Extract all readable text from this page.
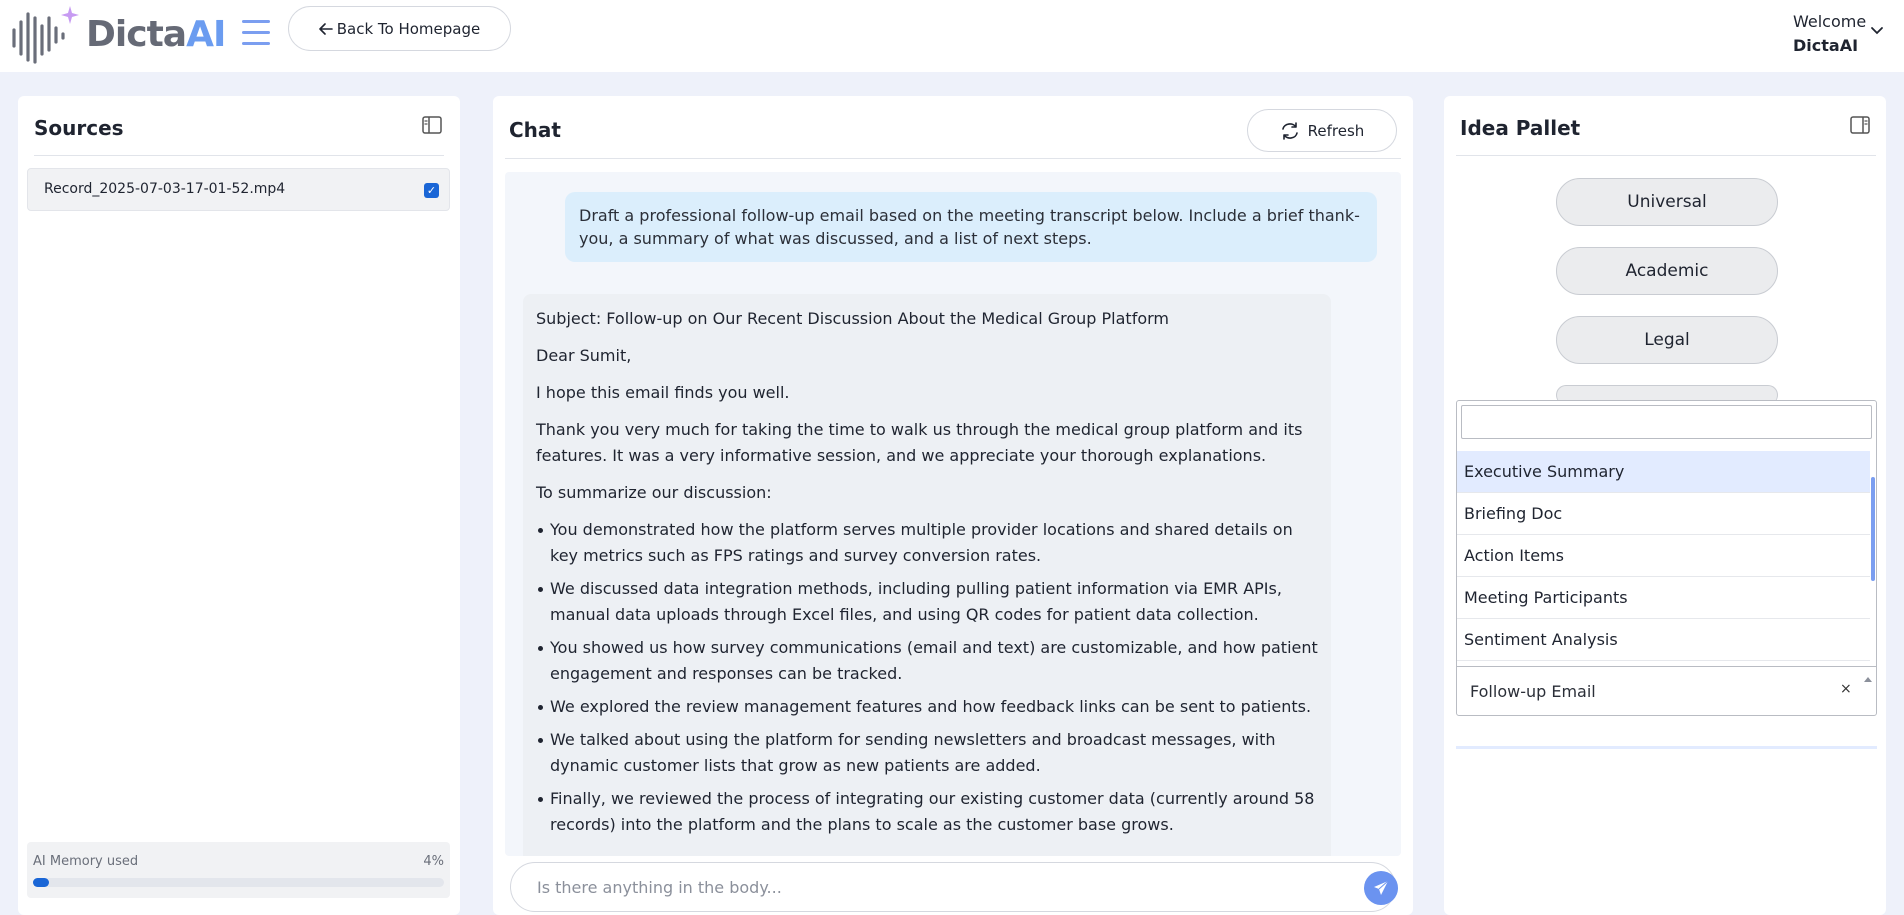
DictaAI	Back To Homepage	Welcome
DictaAI
Sources
Record_2025-07-03-17-01-52.mp4	✓
AI Memory used	4%
Chat	Refresh
Draft a professional follow-up email based on the meeting transcript below. Include a brief thank-you, a summary of what was discussed, and a list of next steps.

Subject: Follow-up on Our Recent Discussion About the Medical Group Platform

Dear Sumit,

I hope this email finds you well.

Thank you very much for taking the time to walk us through the medical group platform and its features. It was a very informative session, and we appreciate your thorough explanations.

To summarize our discussion:

You demonstrated how the platform serves multiple provider locations and shared details on key metrics such as FPS ratings and survey conversion rates.
We discussed data integration methods, including pulling patient information via EMR APIs, manual data uploads through Excel files, and using QR codes for patient data collection.
You showed us how survey communications (email and text) are customizable, and how patient engagement and responses can be tracked.
We explored the review management features and how feedback links can be sent to patients.
We talked about using the platform for sending newsletters and broadcast messages, with dynamic customer lists that grow as new patients are added.
Finally, we reviewed the process of integrating our existing customer data (currently around 58 records) into the platform and the plans to scale as the customer base grows.
Is there anything in the body...
Idea Pallet
Universal
Academic
Legal
Executive Summary
Briefing Doc
Action Items
Meeting Participants
Sentiment Analysis
Follow-up Email	×
